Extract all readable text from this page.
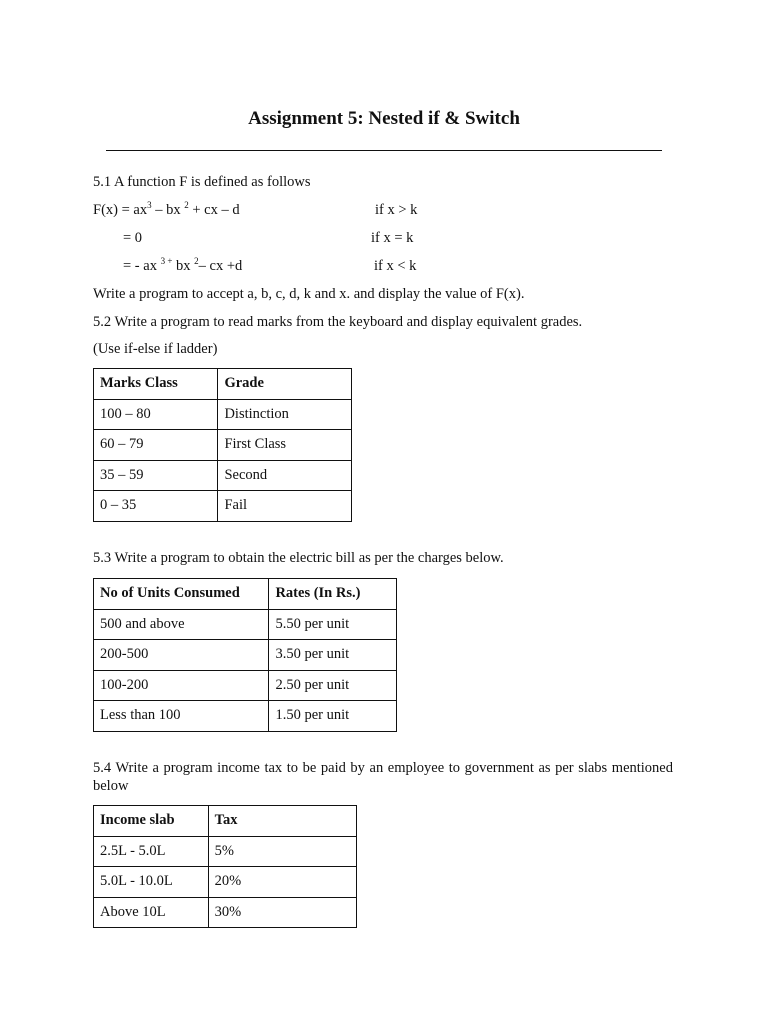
Assignment 5: Nested if & Switch
5.1 A function F is defined as follows
$F(x) = ax^3$ – bx $^2$ + cx – d	if x > k
= 0	if x = k
= - ax $^{3 +}$ bx $^2$– cx +d	if x < k
Write a program to accept a, b, c, d, k and x. and display the value of F(x).
5.2 Write a program to read marks from the keyboard and display equivalent grades.
(Use if-else if ladder)
Marks Class	Grade
100 – 80	Distinction
60 – 79	First Class
35 – 59	Second
0 – 35	Fail
5.3 Write a program to obtain the electric bill as per the charges below.
No of Units Consumed	Rates (In Rs.)
500 and above	5.50 per unit
200-500	3.50 per unit
100-200	2.50 per unit
Less than 100	1.50 per unit
5.4 Write a program income tax to be paid by an employee to government as per slabs mentioned below
Income slab	Tax
2.5L - 5.0L	5%
5.0L - 10.0L	20%
Above 10L	30%
